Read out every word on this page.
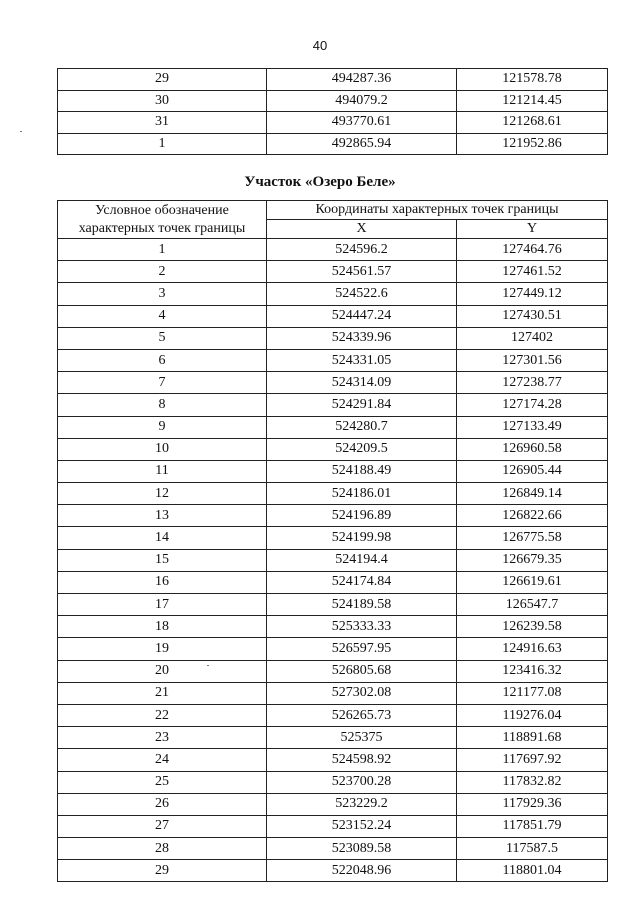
40
29	494287.36	121578.78
30	494079.2	121214.45
31	493770.61	121268.61
1	492865.94	121952.86
Участок «Озеро Беле»
Условное обозначение
характерных точек границы	Координаты характерных точек границы	
	X	Y
1	524596.2	127464.76
2	524561.57	127461.52
3	524522.6	127449.12
4	524447.24	127430.51
5	524339.96	127402
6	524331.05	127301.56
7	524314.09	127238.77
8	524291.84	127174.28
9	524280.7	127133.49
10	524209.5	126960.58
11	524188.49	126905.44
12	524186.01	126849.14
13	524196.89	126822.66
14	524199.98	126775.58
15	524194.4	126679.35
16	524174.84	126619.61
17	524189.58	126547.7
18	525333.33	126239.58
19	526597.95	124916.63
20	526805.68	123416.32
21	527302.08	121177.08
22	526265.73	119276.04
23	525375	118891.68
24	524598.92	117697.92
25	523700.28	117832.82
26	523229.2	117929.36
27	523152.24	117851.79
28	523089.58	117587.5
29	522048.96	118801.04
